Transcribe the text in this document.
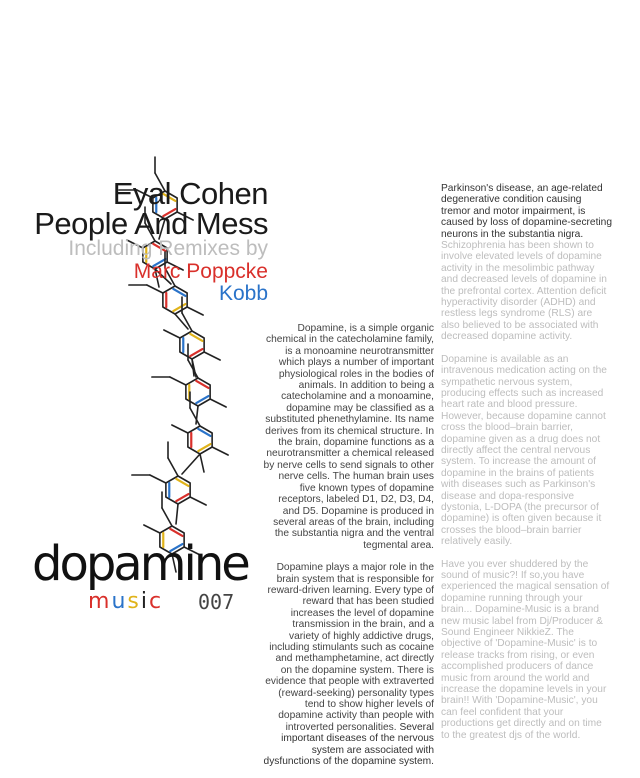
Eyal Cohen
People And Mess
Including Remixes by
Marc Poppcke
Kobb

Dopamine, is a simple organic chemical in the catecholamine family, is a monoamine neurotransmitter which plays a number of important physiological roles in the bodies of animals. In addition to being a catecholamine and a monoamine, dopamine may be classified as a substituted phenethylamine. Its name derives from its chemical structure. In the brain, dopamine functions as a neurotransmitter a chemical released by nerve cells to send signals to other nerve cells. The human brain uses five known types of dopamine receptors, labeled D1, D2, D3, D4, and D5. Dopamine is produced in several areas of the brain, including the substantia nigra and the ventral tegmental area.

Dopamine plays a major role in the brain system that is responsible for reward-driven learning. Every type of reward that has been studied increases the level of dopamine transmission in the brain, and a variety of highly addictive drugs, including stimulants such as cocaine and methamphetamine, act directly on the dopamine system. There is evidence that people with extraverted (reward-seeking) personality types tend to show higher levels of dopamine activity than people with introverted personalities. Several important diseases of the nervous system are associated with dysfunctions of the dopamine system.

Parkinson's disease, an age-related degenerative condition causing tremor and motor impairment, is caused by loss of dopamine-secreting neurons in the substantia nigra. Schizophrenia has been shown to involve elevated levels of dopamine activity in the mesolimbic pathway and decreased levels of dopamine in the prefrontal cortex. Attention deficit hyperactivity disorder (ADHD) and restless legs syndrome (RLS) are also believed to be associated with decreased dopamine activity.

Dopamine is available as an intravenous medication acting on the sympathetic nervous system, producing effects such as increased heart rate and blood pressure. However, because dopamine cannot cross the blood–brain barrier, dopamine given as a drug does not directly affect the central nervous system. To increase the amount of dopamine in the brains of patients with diseases such as Parkinson's disease and dopa-responsive dystonia, L-DOPA (the precursor of dopamine) is often given because it crosses the blood–brain barrier relatively easily.

Have you ever shuddered by the sound of music?! If so,you have experienced the magical sensation of dopamine running through your brain... Dopamine-Music is a brand new music label from Dj/Producer & Sound Engineer NikkieZ. The objective of 'Dopamine-Music' is to release tracks from rising, or even accomplished producers of dance music from around the world and increase the dopamine levels in your brain!! With 'Dopamine-Music', you can feel confident that your productions get directly and on time to the greatest djs of the world.

dopamine
music 007
